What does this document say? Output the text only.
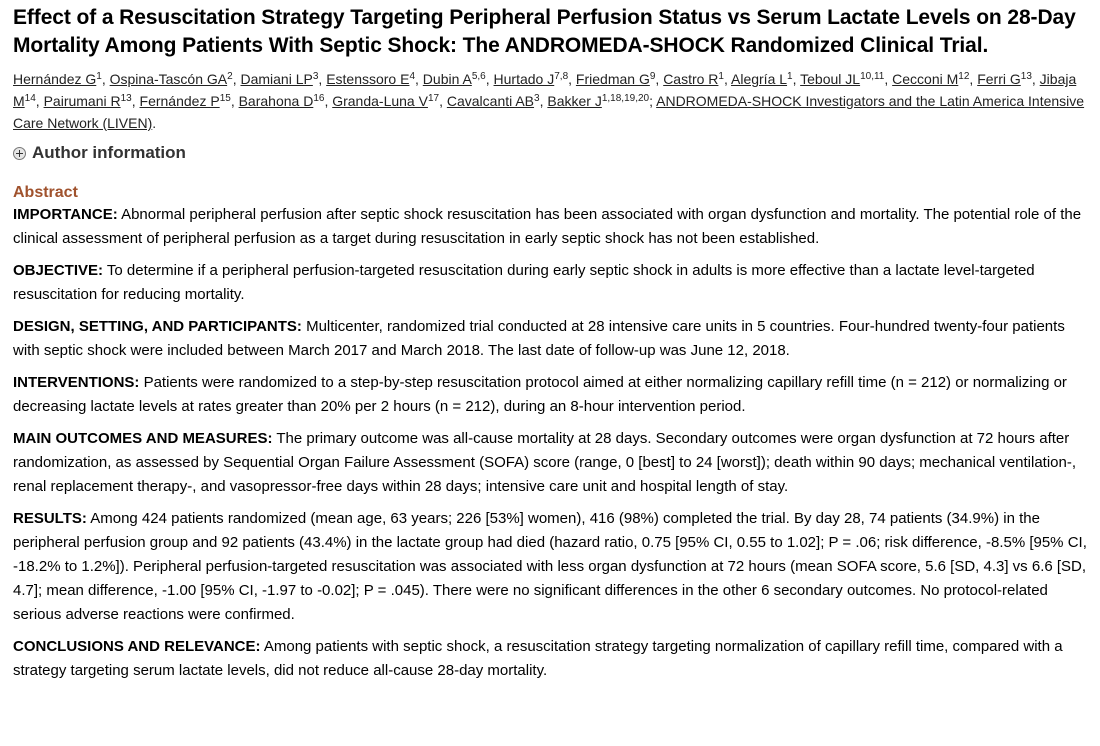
Effect of a Resuscitation Strategy Targeting Peripheral Perfusion Status vs Serum Lactate Levels on 28-Day Mortality Among Patients With Septic Shock: The ANDROMEDA-SHOCK Randomized Clinical Trial.
Hernández $G^1$, Ospina-Tascón $GA^2$, Damiani $LP^3$, Estenssoro $E^4$, Dubin A$^{5,6}$, Hurtado J$^{7,8}$, Friedman $G^9$, Castro $R^1$, Alegría $L^1$, Teboul JL$^{10,11}$, Cecconi $M^{12}$, Ferri $G^{13}$, Jibaja $M^{14}$, Pairumani $R^{13}$, Fernández $P^{15}$, Barahona $D^{16}$, Granda-Luna $V^{17}$, Cavalcanti $AB^3$, Bakker J$^{1,18,19,20}$; ANDROMEDA-SHOCK Investigators and the Latin America Intensive Care Network (LIVEN).
Author information
Abstract

IMPORTANCE: Abnormal peripheral perfusion after septic shock resuscitation has been associated with organ dysfunction and mortality. The potential role of the clinical assessment of peripheral perfusion as a target during resuscitation in early septic shock has not been established.

OBJECTIVE: To determine if a peripheral perfusion-targeted resuscitation during early septic shock in adults is more effective than a lactate level-targeted resuscitation for reducing mortality.

DESIGN, SETTING, AND PARTICIPANTS: Multicenter, randomized trial conducted at 28 intensive care units in 5 countries. Four-hundred twenty-four patients with septic shock were included between March 2017 and March 2018. The last date of follow-up was June 12, 2018.

INTERVENTIONS: Patients were randomized to a step-by-step resuscitation protocol aimed at either normalizing capillary refill time (n = 212) or normalizing or decreasing lactate levels at rates greater than 20% per 2 hours (n = 212), during an 8-hour intervention period.

MAIN OUTCOMES AND MEASURES: The primary outcome was all-cause mortality at 28 days. Secondary outcomes were organ dysfunction at 72 hours after randomization, as assessed by Sequential Organ Failure Assessment (SOFA) score (range, 0 [best] to 24 [worst]); death within 90 days; mechanical ventilation-, renal replacement therapy-, and vasopressor-free days within 28 days; intensive care unit and hospital length of stay.

RESULTS: Among 424 patients randomized (mean age, 63 years; 226 [53%] women), 416 (98%) completed the trial. By day 28, 74 patients (34.9%) in the peripheral perfusion group and 92 patients (43.4%) in the lactate group had died (hazard ratio, 0.75 [95% CI, 0.55 to 1.02]; P = .06; risk difference, -8.5% [95% CI, -18.2% to 1.2%]). Peripheral perfusion-targeted resuscitation was associated with less organ dysfunction at 72 hours (mean SOFA score, 5.6 [SD, 4.3] vs 6.6 [SD, 4.7]; mean difference, -1.00 [95% CI, -1.97 to -0.02]; P = .045). There were no significant differences in the other 6 secondary outcomes. No protocol-related serious adverse reactions were confirmed.

CONCLUSIONS AND RELEVANCE: Among patients with septic shock, a resuscitation strategy targeting normalization of capillary refill time, compared with a strategy targeting serum lactate levels, did not reduce all-cause 28-day mortality.
